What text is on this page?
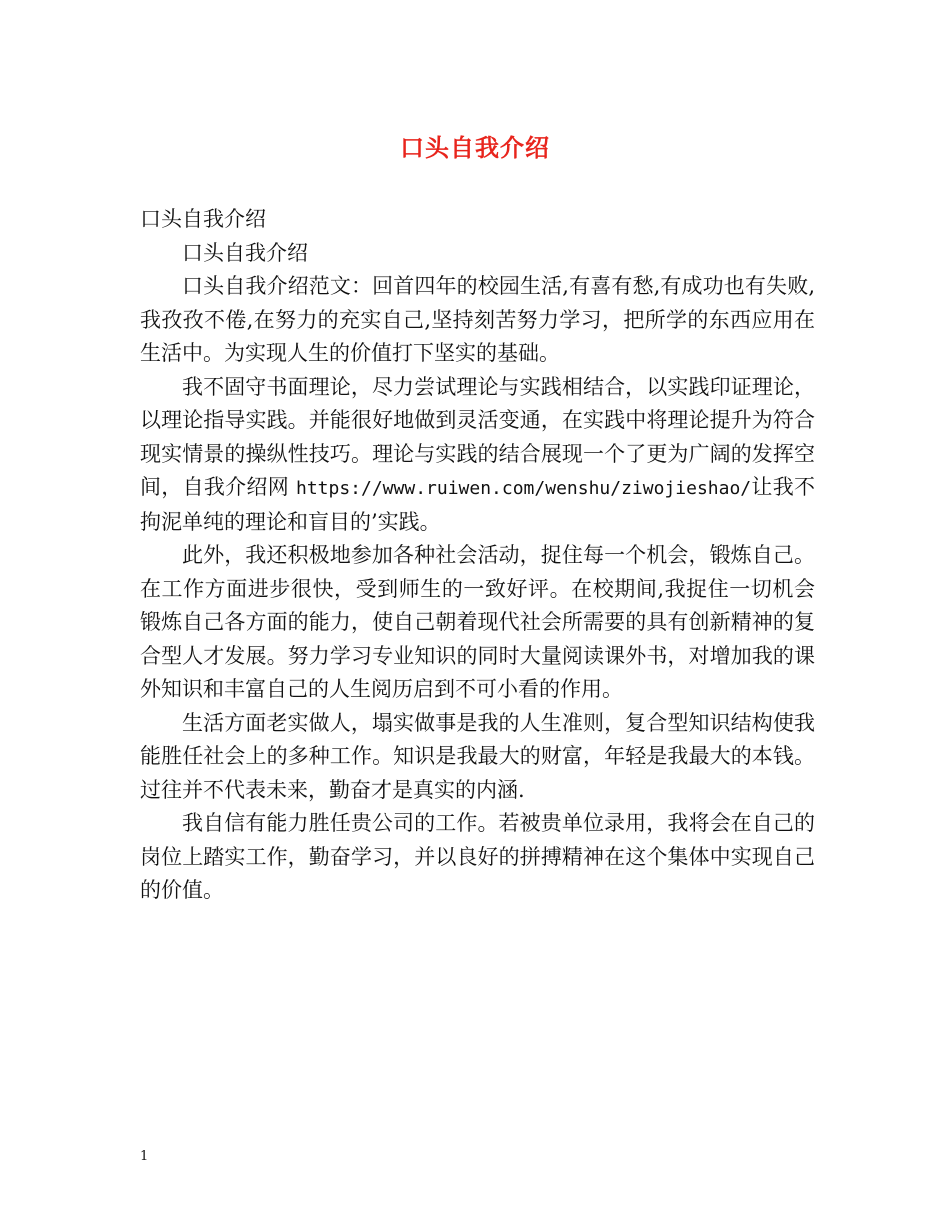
口头自我介绍

口头自我介绍

口头自我介绍

口头自我介绍范文：回首四年的校园生活,有喜有愁,有成功也有失败,我孜孜不倦,在努力的充实自己,坚持刻苦努力学习，把所学的东西应用在生活中。为实现人生的价值打下坚实的基础。

我不固守书面理论，尽力尝试理论与实践相结合，以实践印证理论，以理论指导实践。并能很好地做到灵活变通，在实践中将理论提升为符合现实情景的操纵性技巧。理论与实践的结合展现一个了更为广阔的发挥空间，自我介绍网 https://www.ruiwen.com/wenshu/ziwojieshao/让我不拘泥单纯的理论和盲目的’实践。

此外，我还积极地参加各种社会活动，捉住每一个机会，锻炼自己。在工作方面进步很快，受到师生的一致好评。在校期间,我捉住一切机会锻炼自己各方面的能力，使自己朝着现代社会所需要的具有创新精神的复合型人才发展。努力学习专业知识的同时大量阅读课外书，对增加我的课外知识和丰富自己的人生阅历启到不可小看的作用。

生活方面老实做人，塌实做事是我的人生准则，复合型知识结构使我能胜任社会上的多种工作。知识是我最大的财富，年轻是我最大的本钱。过往并不代表未来，勤奋才是真实的内涵.

我自信有能力胜任贵公司的工作。若被贵单位录用，我将会在自己的岗位上踏实工作，勤奋学习，并以良好的拼搏精神在这个集体中实现自己的价值。

1
